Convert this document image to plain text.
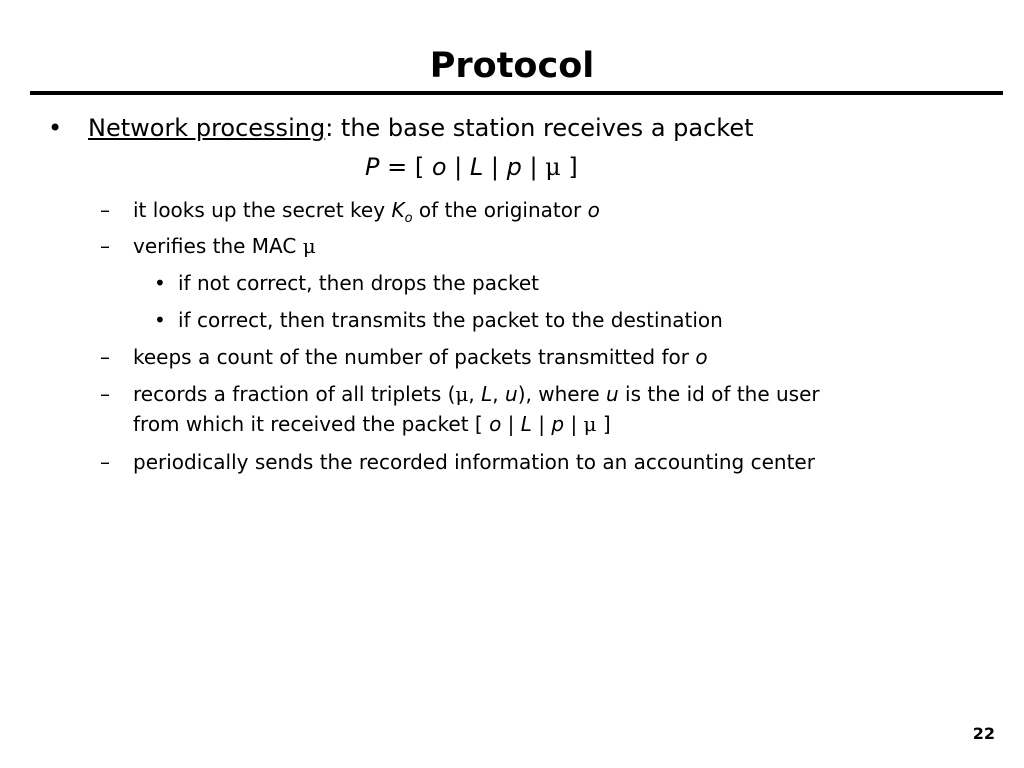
Protocol
• Network processing: the base station receives a packet
P = [ o | L | p | μ ]
– it looks up the secret key $K_o$ of the originator o
– verifies the MAC μ
• if not correct, then drops the packet
• if correct, then transmits the packet to the destination
– keeps a count of the number of packets transmitted for o
– records a fraction of all triplets (μ, L, u), where u is the id of the user
from which it received the packet [ o | L | p | μ ]
– periodically sends the recorded information to an accounting center
22
